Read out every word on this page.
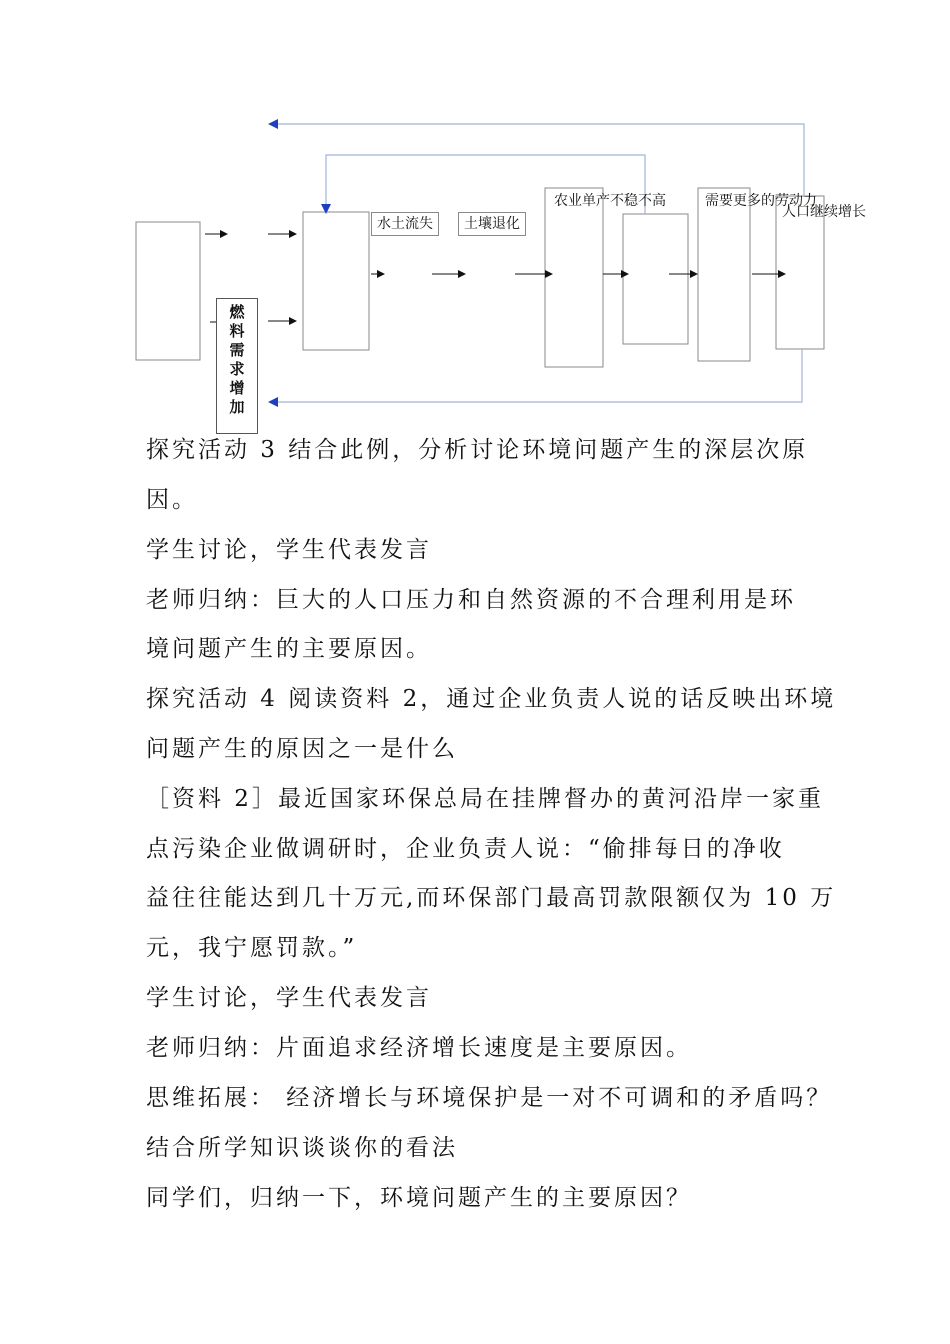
水土流失	土壤退化
农业单产不稳不高	需要更多的劳动力
人口继续增长
燃
料
需
求
增
加
探究活动 3 结合此例，分析讨论环境问题产生的深层次原
因。
学生讨论，学生代表发言
老师归纳：巨大的人口压力和自然资源的不合理利用是环
境问题产生的主要原因。
探究活动 4 阅读资料 2，通过企业负责人说的话反映出环境
问题产生的原因之一是什么
［资料 2］最近国家环保总局在挂牌督办的黄河沿岸一家重
点污染企业做调研时，企业负责人说：“偷排每日的净收
益往往能达到几十万元,而环保部门最高罚款限额仅为 10 万
元，我宁愿罚款。”
学生讨论，学生代表发言
老师归纳：片面追求经济增长速度是主要原因。
思维拓展： 经济增长与环境保护是一对不可调和的矛盾吗？
结合所学知识谈谈你的看法
同学们，归纳一下，环境问题产生的主要原因？
